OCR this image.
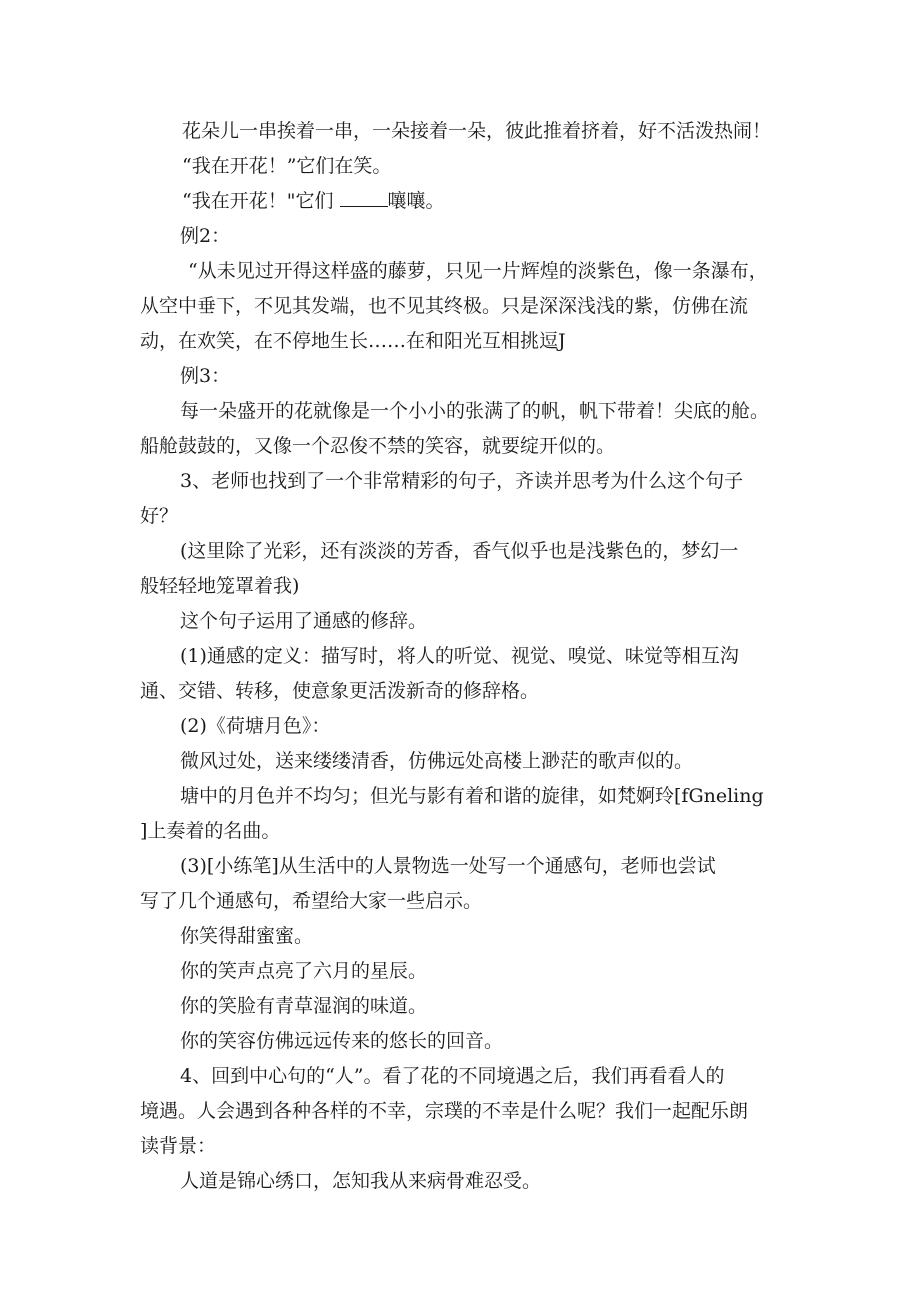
花朵儿一串挨着一串，一朵接着一朵，彼此推着挤着，好不活泼热闹！
“我在开花！”它们在笑。
“我在开花！"它们	嚷嚷。
例2：
“从未见过开得这样盛的藤萝，只见一片辉煌的淡紫色，像一条瀑布，
从空中垂下，不见其发端，也不见其终极。只是深深浅浅的紫，仿佛在流
动，在欢笑，在不停地生长……在和阳光互相挑逗J
例3：
每一朵盛开的花就像是一个小小的张满了的帆，帆下带着！尖底的舱。
船舱鼓鼓的，又像一个忍俊不禁的笑容，就要绽开似的。
3、老师也找到了一个非常精彩的句子，齐读并思考为什么这个句子
好？
(这里除了光彩，还有淡淡的芳香，香气似乎也是浅紫色的，梦幻一
般轻轻地笼罩着我)
这个句子运用了通感的修辞。
(1)通感的定义：描写时，将人的听觉、视觉、嗅觉、味觉等相互沟
通、交错、转移，使意象更活泼新奇的修辞格。
(2)《荷塘月色》：
微风过处，送来缕缕清香，仿佛远处高楼上渺茫的歌声似的。
塘中的月色并不均匀；但光与影有着和谐的旋律，如梵婀玲[fGneling
]上奏着的名曲。
(3)[小练笔]从生活中的人景物选一处写一个通感句，老师也尝试
写了几个通感句，希望给大家一些启示。
你笑得甜蜜蜜。
你的笑声点亮了六月的星辰。
你的笑脸有青草湿润的味道。
你的笑容仿佛远远传来的悠长的回音。
4、回到中心句的“人”。看了花的不同境遇之后，我们再看看人的
境遇。人会遇到各种各样的不幸，宗璞的不幸是什么呢？我们一起配乐朗
读背景：
人道是锦心绣口，怎知我从来病骨难忍受。
